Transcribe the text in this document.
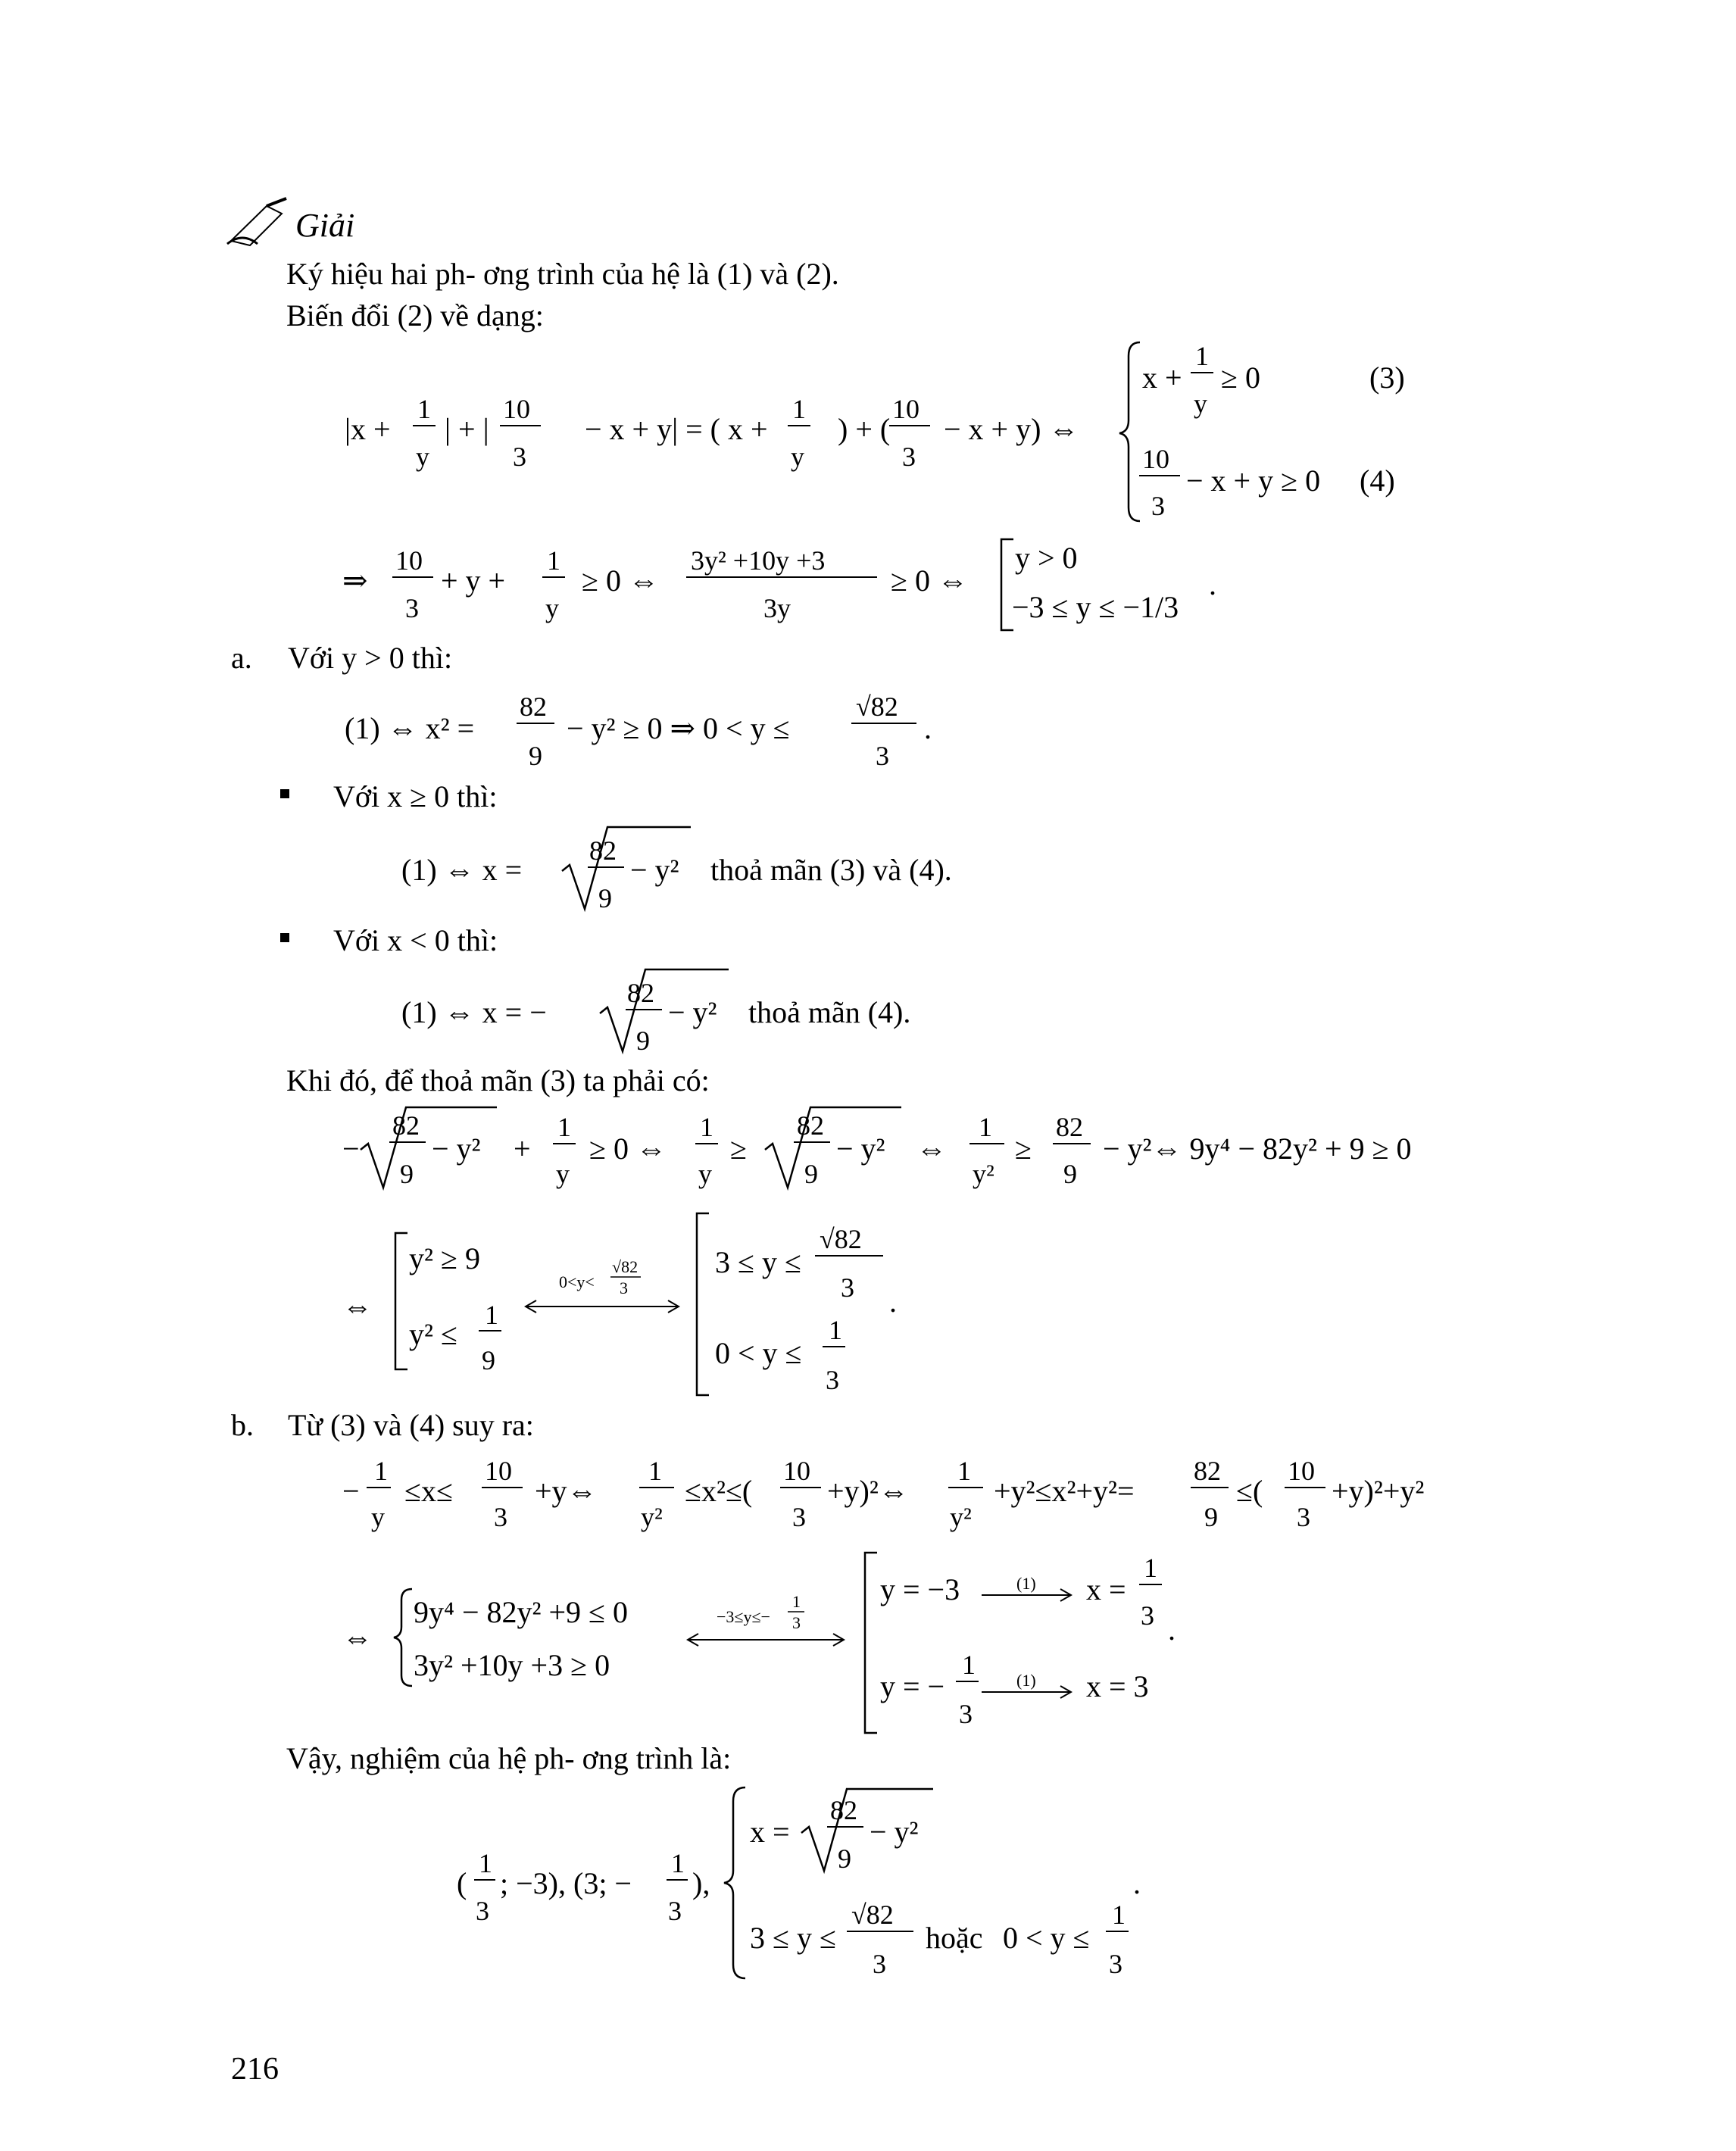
Giải
Ký hiệu hai ph- ơng trình của hệ là (1) và (2).
Biến đổi (2) về dạng:
|x +
1
y
| + |
10
3
− x + y| = ( x +
1
y
) + (
10
3
− x + y) ⇔
x +
1
y
≥ 0	(3)
10
3
− x + y ≥ 0 (4)
⇒
10
3
+ y +
1
y
≥ 0 ⇔
3y² +10y +3
3y
≥ 0 ⇔
y > 0
−3 ≤ y ≤ −1/3
.
a. Với y > 0 thì:
(1) ⇔ x² =
82
9
− y² ≥ 0 ⇒ 0 < y ≤
√82
3
.
Với x ≥ 0 thì:
(1) ⇔ x =
82
9
− y² thoả mãn (3) và (4).
Với x < 0 thì:
(1) ⇔ x = −
82
9
− y² thoả mãn (4).
Khi đó, để thoả mãn (3) ta phải có:
−
82
9
− y² +
1
y
≥ 0 ⇔
1
y
≥
82
9
− y² ⇔
1
y²
≥
82
9
− y²⇔ 9y⁴ − 82y² + 9 ≥ 0
⇔
y² ≥ 9
y² ≤
1
9
0<y<
√82
3
3 ≤ y ≤
√82
3 .
0 < y ≤
1
3
b. Từ (3) và (4) suy ra:
−
1
y
≤x≤
10
3
+y⇔
1
y²
≤x²≤(
10
3
+y)²⇔
1
y²
+y²≤x²+y²=
82
9
≤(
10
3
+y)²+y²
⇔
9y⁴ − 82y² +9 ≤ 0
3y² +10y +3 ≥ 0
−3≤y≤−
1
3
y = −3	(1) x =
1
3 .
y = −
1
3
(1) x = 3
Vậy, nghiệm của hệ ph- ơng trình là:
(
1
3
; −3), (3; −
1
3
),
x =
82
9
− y²
3 ≤ y ≤
√82
3
hoặc 0 < y ≤
1
3
.
216
